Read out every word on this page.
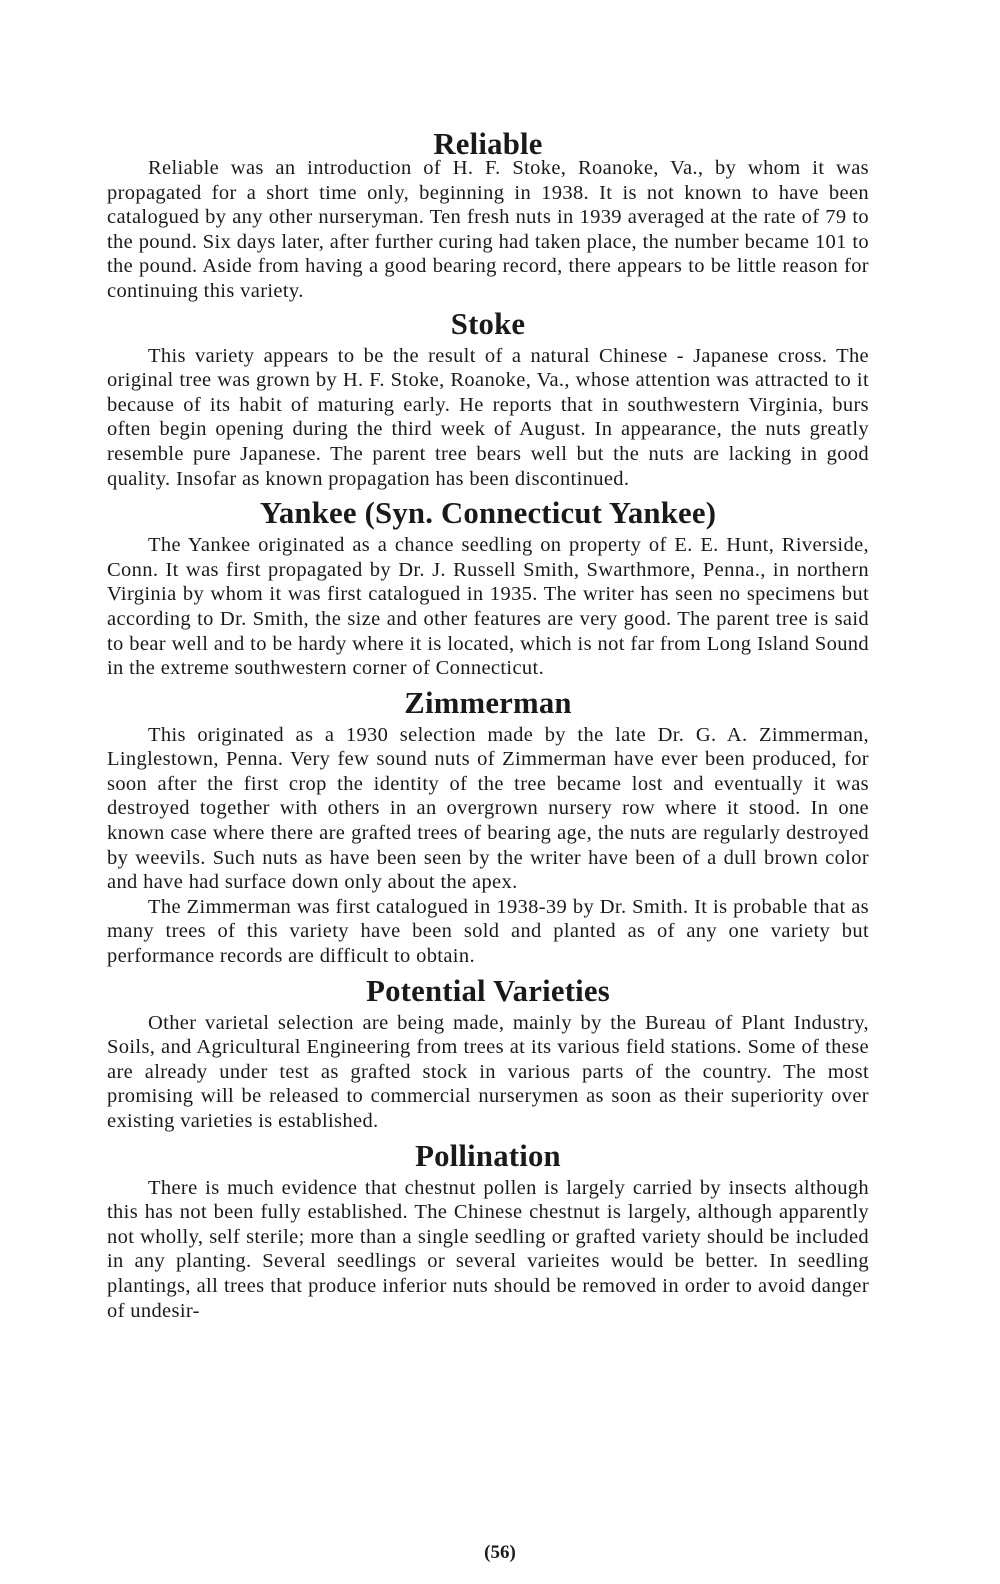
Reliable

Reliable was an introduction of H. F. Stoke, Roanoke, Va., by whom it was propagated for a short time only, beginning in 1938. It is not known to have been catalogued by any other nurseryman. Ten fresh nuts in 1939 averaged at the rate of 79 to the pound. Six days later, after further curing had taken place, the number became 101 to the pound. Aside from having a good bearing record, there appears to be little reason for continuing this variety.

Stoke

This variety appears to be the result of a natural Chinese - Japanese cross. The original tree was grown by H. F. Stoke, Roanoke, Va., whose attention was attracted to it because of its habit of maturing early. He reports that in southwestern Virginia, burs often begin opening during the third week of August. In appearance, the nuts greatly resemble pure Japanese. The parent tree bears well but the nuts are lacking in good quality. Insofar as known propagation has been discontinued.

Yankee (Syn. Connecticut Yankee)

The Yankee originated as a chance seedling on property of E. E. Hunt, Riverside, Conn. It was first propagated by Dr. J. Russell Smith, Swarthmore, Penna., in northern Virginia by whom it was first catalogued in 1935. The writer has seen no specimens but according to Dr. Smith, the size and other features are very good. The parent tree is said to bear well and to be hardy where it is located, which is not far from Long Island Sound in the extreme southwestern corner of Connecticut.

Zimmerman

This originated as a 1930 selection made by the late Dr. G. A. Zimmerman, Linglestown, Penna. Very few sound nuts of Zimmerman have ever been produced, for soon after the first crop the identity of the tree became lost and eventually it was destroyed together with others in an overgrown nursery row where it stood. In one known case where there are grafted trees of bearing age, the nuts are regularly destroyed by weevils. Such nuts as have been seen by the writer have been of a dull brown color and have had surface down only about the apex.

The Zimmerman was first catalogued in 1938-39 by Dr. Smith. It is probable that as many trees of this variety have been sold and planted as of any one variety but performance records are difficult to obtain.

Potential Varieties

Other varietal selection are being made, mainly by the Bureau of Plant Industry, Soils, and Agricultural Engineering from trees at its various field stations. Some of these are already under test as grafted stock in various parts of the country. The most promising will be released to commercial nurserymen as soon as their superiority over existing varieties is established.

Pollination

There is much evidence that chestnut pollen is largely carried by insects although this has not been fully established. The Chinese chestnut is largely, although apparently not wholly, self sterile; more than a single seedling or grafted variety should be included in any planting. Several seedlings or several varieites would be better. In seedling plantings, all trees that produce inferior nuts should be removed in order to avoid danger of undesir-

(56)
